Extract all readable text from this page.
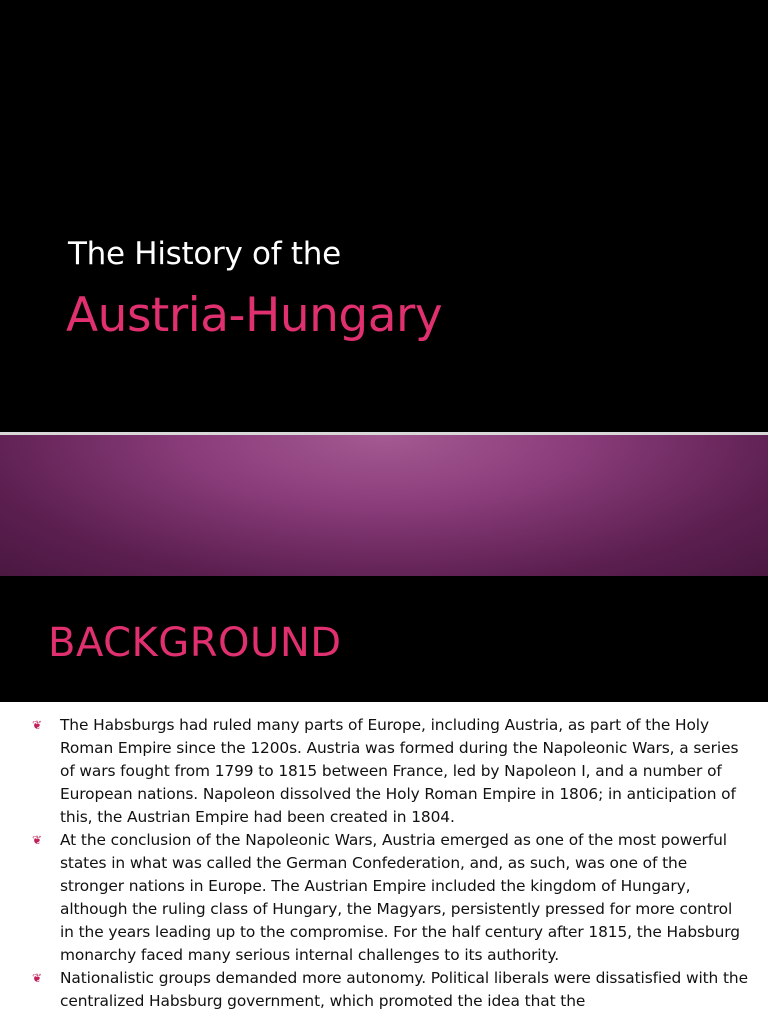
The History of the
Austria-Hungary
BACKGROUND
❦ The Habsburgs had ruled many parts of Europe, including Austria, as part of the Holy Roman Empire since the 1200s. Austria was formed during the Napoleonic Wars, a series of wars fought from 1799 to 1815 between France, led by Napoleon I, and a number of European nations. Napoleon dissolved the Holy Roman Empire in 1806; in anticipation of this, the Austrian Empire had been created in 1804.
❦ At the conclusion of the Napoleonic Wars, Austria emerged as one of the most powerful states in what was called the German Confederation, and, as such, was one of the stronger nations in Europe. The Austrian Empire included the kingdom of Hungary, although the ruling class of Hungary, the Magyars, persistently pressed for more control in the years leading up to the compromise. For the half century after 1815, the Habsburg monarchy faced many serious internal challenges to its authority.
❦ Nationalistic groups demanded more autonomy. Political liberals were dissatisfied with the centralized Habsburg government, which promoted the idea that the
